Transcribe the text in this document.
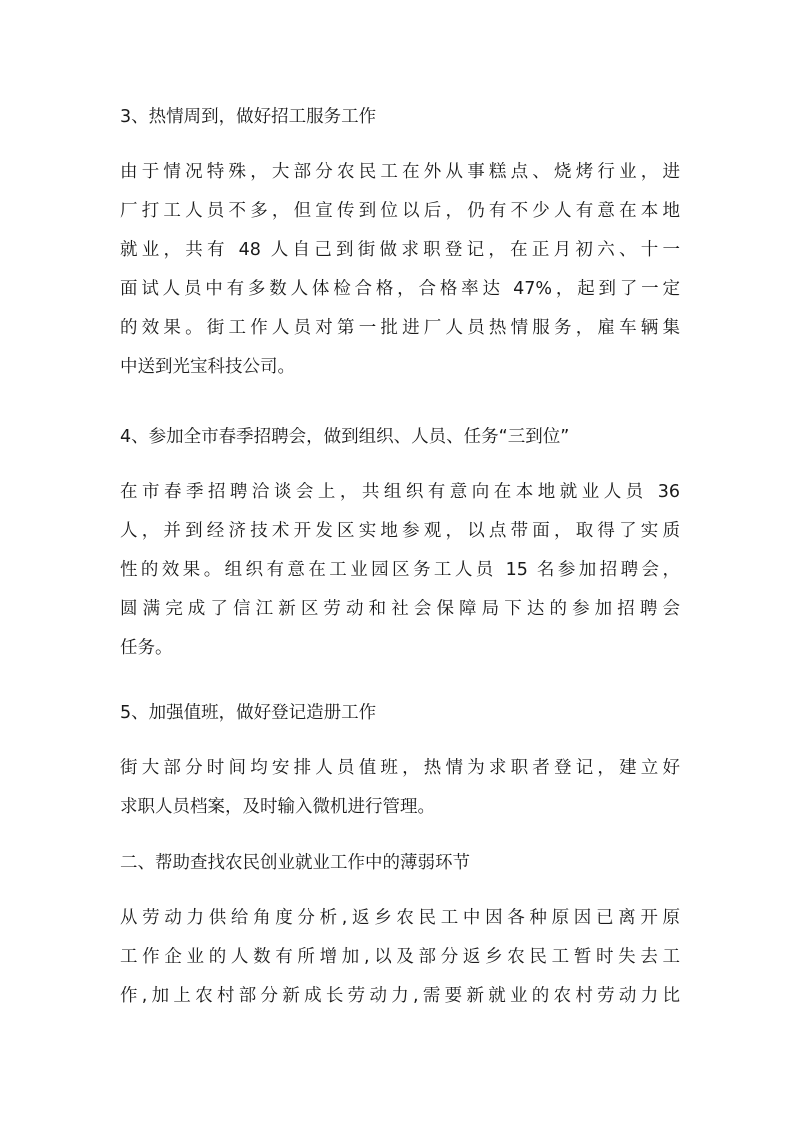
3、热情周到，做好招工服务工作
由于情况特殊，大部分农民工在外从事糕点、烧烤行业，进
厂打工人员不多，但宣传到位以后，仍有不少人有意在本地
就业，共有 48 人自己到街做求职登记，在正月初六、十一
面试人员中有多数人体检合格，合格率达 47%，起到了一定
的效果。街工作人员对第一批进厂人员热情服务，雇车辆集
中送到光宝科技公司。
4、参加全市春季招聘会，做到组织、人员、任务“三到位”
在市春季招聘洽谈会上，共组织有意向在本地就业人员 36
人，并到经济技术开发区实地参观，以点带面，取得了实质
性的效果。组织有意在工业园区务工人员 15 名参加招聘会，
圆满完成了信江新区劳动和社会保障局下达的参加招聘会
任务。
5、加强值班，做好登记造册工作
街大部分时间均安排人员值班，热情为求职者登记，建立好
求职人员档案，及时输入微机进行管理。
二、帮助查找农民创业就业工作中的薄弱环节
从劳动力供给角度分析,返乡农民工中因各种原因已离开原
工作企业的人数有所增加,以及部分返乡农民工暂时失去工
作,加上农村部分新成长劳动力,需要新就业的农村劳动力比
